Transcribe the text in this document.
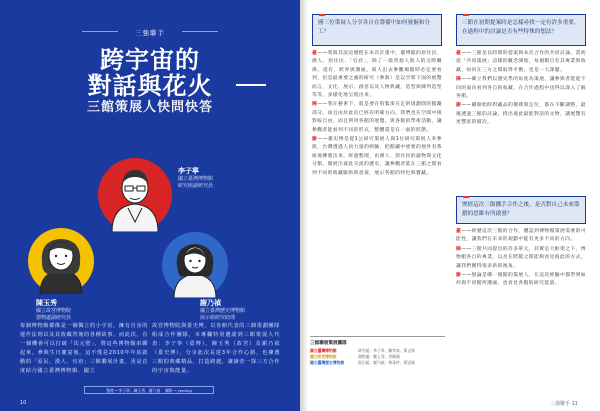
三強聯手
跨宇宙的
對話與花火
三館策展人快問快答
李子寧
國立臺灣博物館
研究組副研究員
陳玉秀
國立故宮博物院
器物處副研究員
謝乃禎
國立臺灣歷史博物館
展示組研究助理
每個博物館都像是一個獨立的小宇宙，擁有自身的運作法則以及其收藏背後的各種故事。而此次，有一個機會可以打破「次元壁」，將這些博物館串聯起來。參與生日慶宴後，這不僅是2010年年底啟動的「原民、漢人、官府」三館聯展計畫，更是首度結合國立臺灣博物館、國立
故宮博物院與臺史博，以各館代表的三個策劃團隊組成合作團隊，本專欄特別邀請到三館策展人代表：李子寧（臺博）、陳玉秀（故宮）及謝乃禎（臺史博），分享此次長達3年合作心路，也揀選三館的典藏精品，打造跨越，讓讀者一探三方合作的宇宙與能量。
整理 • 李子寧、陳玉秀、謝乃禎 　攝影 • yenting
10
國三位策展人分享各自在籌備中如何發掘和分工？

臺——我與其説這歷程在本次計畫中，臺博館的原住民、漢人、原住民、「官府」，除了一般常規人與人的交際關係，還有，跨界與溝通。與人出去參觀場館時必定要看到，但是最重要之處的研究（參與）是以空間下面的展覽而言，文化、展示、創意以及人物典藏，造型與陳列造型等等，多樣化地呈現出來。

陳——我在藝術下，就是要在很緊湊在定的規劃間的館藏部分。而且由於此次已經有明確方向，我們也在空間中相對較自由，而且利用各館的展覽，與各館的學術活動，讓參觀者能看到不同的形式，整體還是在一面的狀態。

謝——臺史博是從1公研究策展人與1位研究策展人來參與，台灣透過人員力量的經驗，把館藏中重要的展件有系統地傳遞出來，經過整理，由漢人、原住民的器物與文化分類，開展出彼此交流的歷史，讓參觀者能在三館之間看到不同的收藏脈絡與意義，展示各館的特色與寶藏。

三館聯展策展團隊
國立臺灣博物館	研究組：李子寧、陳孝真、黃文婷
國立故宮博物院	器物處：陳玉秀、余佩瑾
國立臺灣歷史博物館	展示組：謝乃禎、林韋伶、黃冠瑜
三館在初期提案時是怎樣尋找一定有許多重要、在過程中的討論是否有些特殊的想法？

臺——三館是長時間的提案與本次合作的共同討論，當初從「共同策展」這樣的概念開始，每個館自有其專業與收藏，如何在三方之間取得平衡，也是一大課題。

陳——確立我們以歷史學的角度為策展，讓參與者能從不同的面向看到各自的收藏，在合作過程中也得以深入了解各館。

謝——剛開始時對藏品的選擇與定位，都在不斷調整，最後透過三館的討論，找出彼此最能對話的文物，讓展覽有更豐富的層次。

歷經這次三館攜手合作之後，是否對自己未來籌劃的思維有所啟發？

臺——經歷這次三館的合作，體認到博物館策展需要的可能性，讓我們在未來的規劃中能有更多不同的方向。

陳——三館共同提出的許多單元，其實是大框架之下，博物館各自的專業，以及在跨館之間能夠看見彼此的方式，讓我們獲得很多新的視角。

謝——無論是哪一個館的策展人，在這次經驗中都學到如何與不同館所溝通，也看見各館的研究能量。

三強聯手 11
